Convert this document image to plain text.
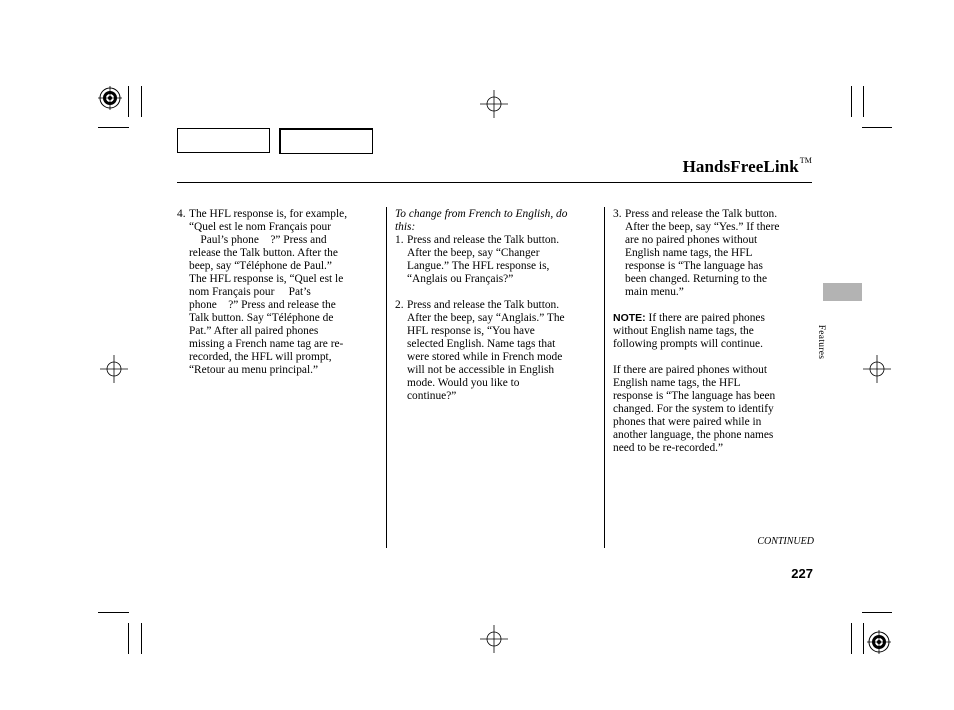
HandsFreeLink™
4. The HFL response is, for example,

“Quel est le nom Français pour

Paul’s phone    ?” Press and

release the Talk button. After the

beep, say “Téléphone de Paul.”

The HFL response is, “Quel est le

nom Français pour     Pat’s

phone    ?” Press and release the

Talk button. Say “Téléphone de

Pat.” After all paired phones

missing a French name tag are re-

recorded, the HFL will prompt,

“Retour au menu principal.”

To change from French to English, do

this:

1. Press and release the Talk button.

After the beep, say “Changer

Langue.” The HFL response is,

“Anglais ou Français?”

2. Press and release the Talk button.

After the beep, say “Anglais.” The

HFL response is, “You have

selected English. Name tags that

were stored while in French mode

will not be accessible in English

mode. Would you like to

continue?”

3. Press and release the Talk button.

After the beep, say “Yes.” If there

are no paired phones without

English name tags, the HFL

response is “The language has

been changed. Returning to the

main menu.”

NOTE: If there are paired phones

without English name tags, the

following prompts will continue.

If there are paired phones without

English name tags, the HFL

response is “The language has been

changed. For the system to identify

phones that were paired while in

another language, the phone names

need to be re-recorded.”

Features
CONTINUED
227
